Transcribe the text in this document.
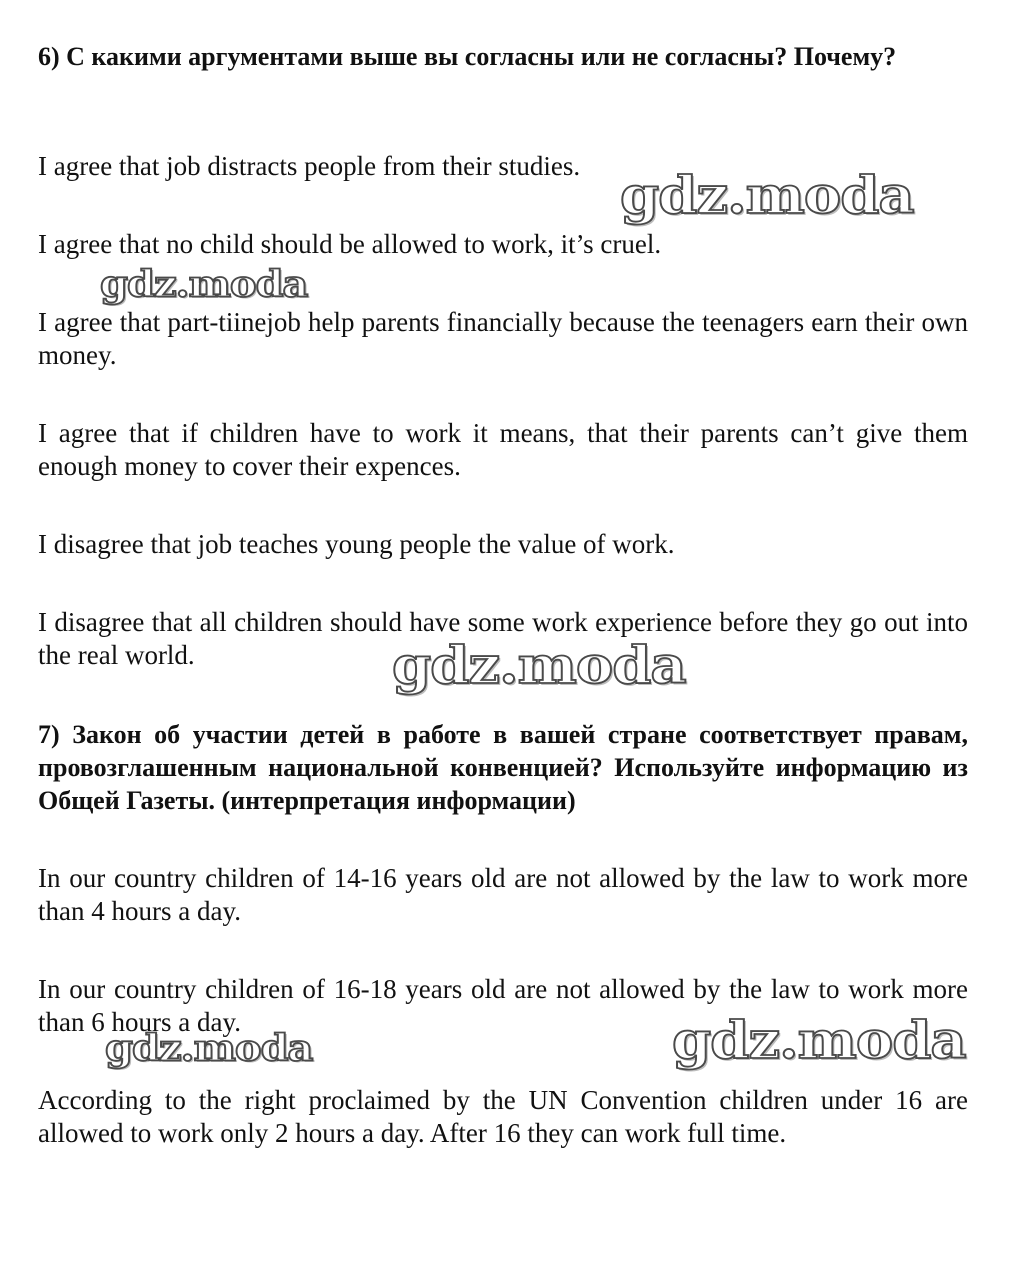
6) С какими аргументами выше вы согласны или не согласны? Почему?
I agree that job distracts people from their studies.
I agree that no child should be allowed to work, it’s cruel.
I agree that part-tiinejob help parents financially because the teenagers earn their own money.
I agree that if children have to work it means, that their parents can’t give them enough money to cover their expences.
I disagree that job teaches young people the value of work.
I disagree that all children should have some work experience before they go out into the real world.
7) Закон об участии детей в работе в вашей стране соответствует правам, провозглашенным национальной конвенцией? Используйте информацию из Общей Газеты. (интерпретация информации)
In our country children of 14-16 years old are not allowed by the law to work more than 4 hours a day.
In our country children of 16-18 years old are not allowed by the law to work more than 6 hours a day.
According to the right proclaimed by the UN Convention children under 16 are allowed to work only 2 hours a day. After 16 they can work full time.
gdz.moda
gdz.moda
gdz.moda
gdz.moda	gdz.moda
